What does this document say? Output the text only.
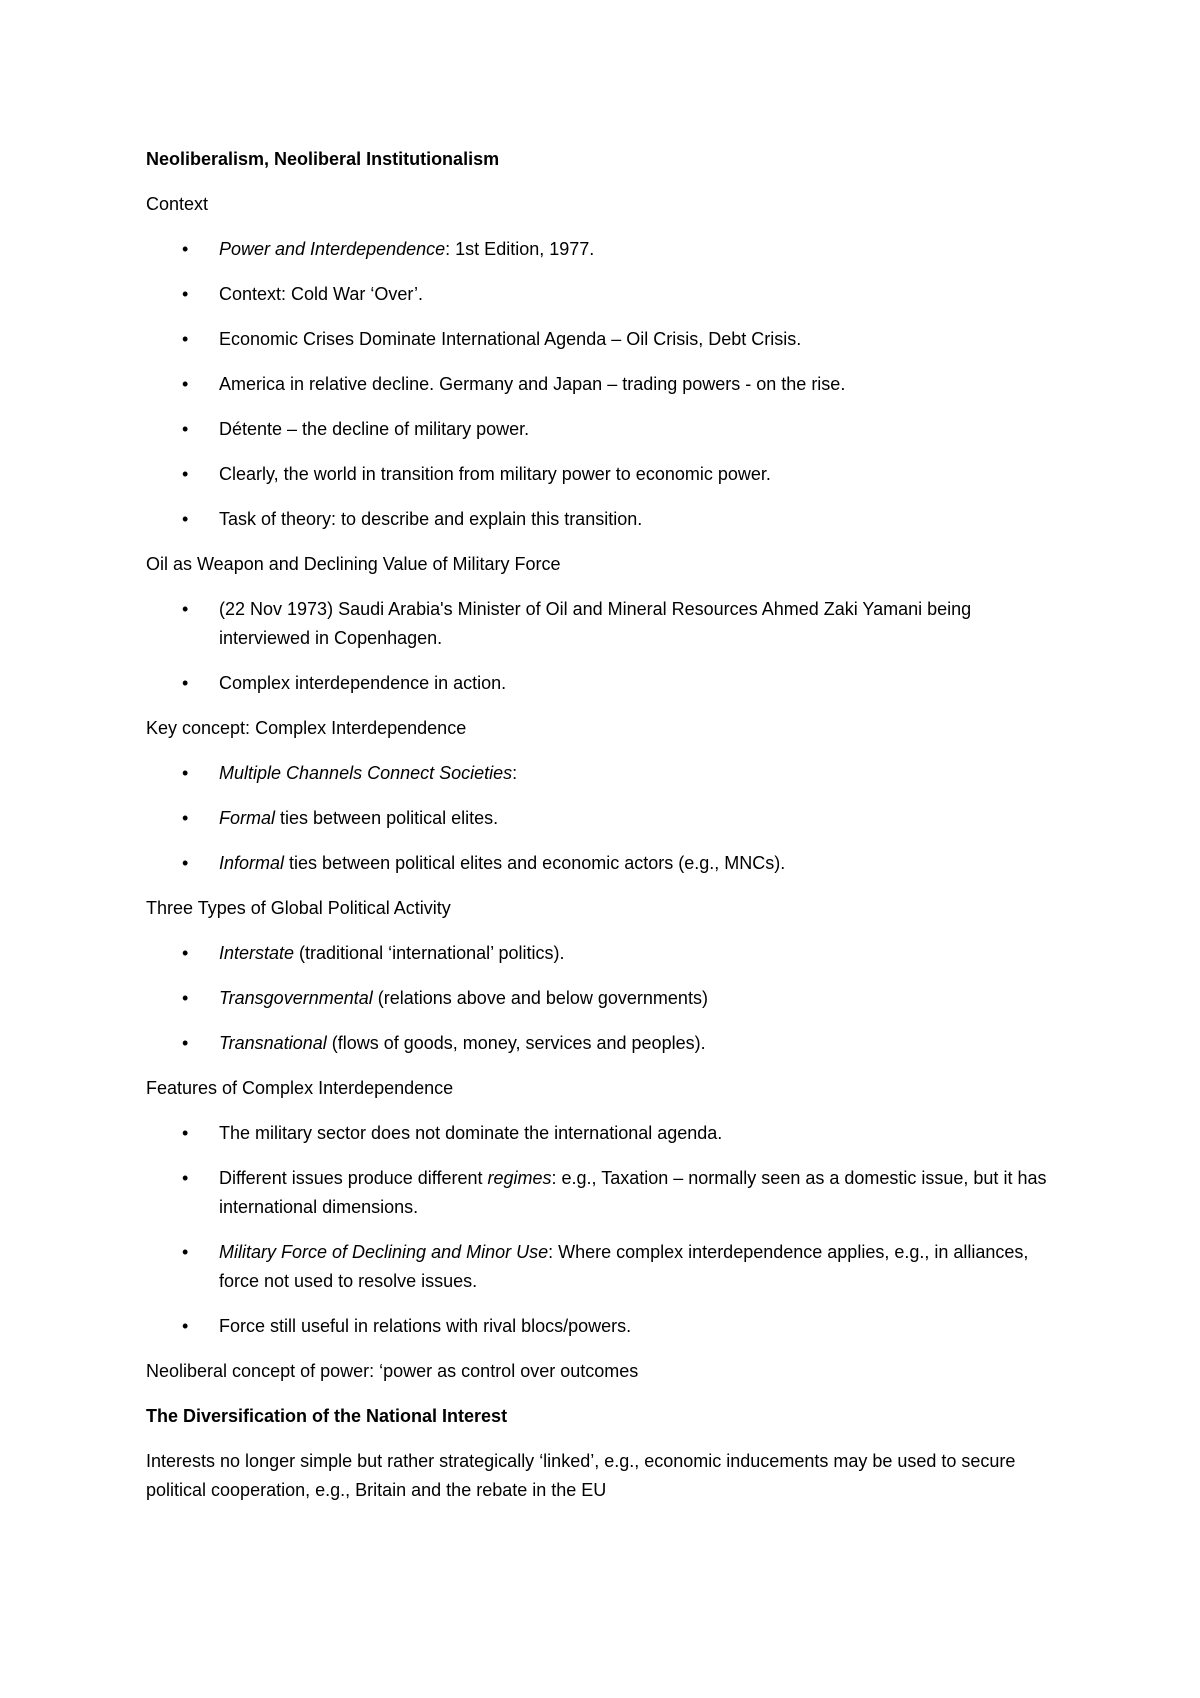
Neoliberalism, Neoliberal Institutionalism

Context

• Power and Interdependence: 1st Edition, 1977.
• Context: Cold War ‘Over’.
• Economic Crises Dominate International Agenda – Oil Crisis, Debt Crisis.
• America in relative decline. Germany and Japan – trading powers - on the rise.
• Détente – the decline of military power.
• Clearly, the world in transition from military power to economic power.
• Task of theory: to describe and explain this transition.

Oil as Weapon and Declining Value of Military Force

• (22 Nov 1973) Saudi Arabia's Minister of Oil and Mineral Resources Ahmed Zaki Yamani being interviewed in Copenhagen.
• Complex interdependence in action.

Key concept: Complex Interdependence

• Multiple Channels Connect Societies:
• Formal ties between political elites.
• Informal ties between political elites and economic actors (e.g., MNCs).

Three Types of Global Political Activity

• Interstate (traditional ‘international’ politics).
• Transgovernmental (relations above and below governments)
• Transnational (flows of goods, money, services and peoples).

Features of Complex Interdependence

• The military sector does not dominate the international agenda.
• Different issues produce different regimes: e.g., Taxation – normally seen as a domestic issue, but it has international dimensions.
• Military Force of Declining and Minor Use: Where complex interdependence applies, e.g., in alliances, force not used to resolve issues.
• Force still useful in relations with rival blocs/powers.

Neoliberal concept of power: ‘power as control over outcomes

The Diversification of the National Interest

Interests no longer simple but rather strategically ‘linked’, e.g., economic inducements may be used to secure political cooperation, e.g., Britain and the rebate in the EU
